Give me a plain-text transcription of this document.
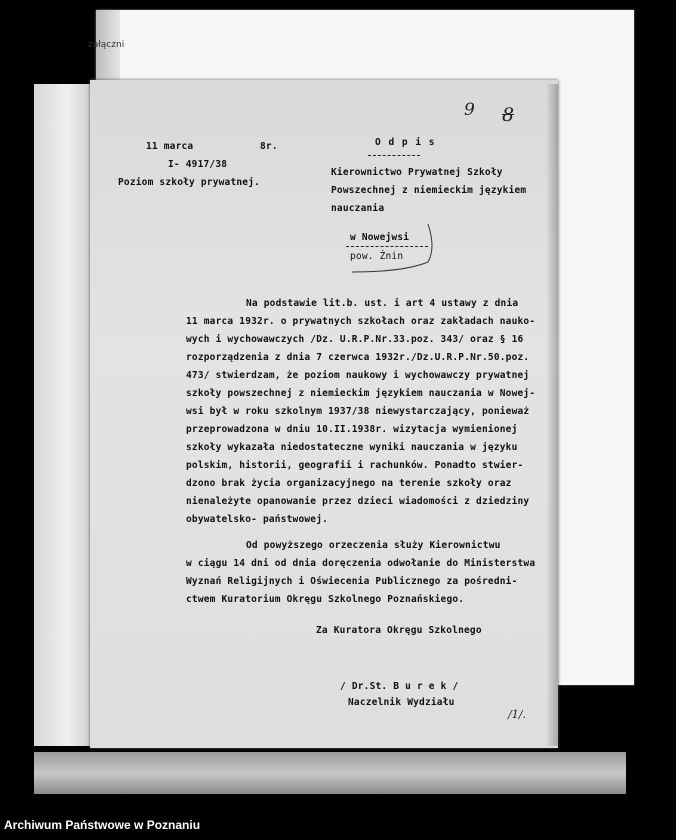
załączni
9 8
11 marca	8r.
I- 4917/38
Poziom szkoły prywatnej.
O d p i s
Kierownictwo Prywatnej Szkoły
Powszechnej z niemieckim językiem
nauczania
w Nowejwsi
pow. Żnin
Na podstawie lit.b. ust. i art 4 ustawy z dnia
11 marca 1932r. o prywatnych szkołach oraz zakładach nauko-
wych i wychowawczych /Dz. U.R.P.Nr.33.poz. 343/ oraz § 16
rozporządzenia z dnia 7 czerwca 1932r./Dz.U.R.P.Nr.50.poz.
473/ stwierdzam, że poziom naukowy i wychowawczy prywatnej
szkoły powszechnej z niemieckim językiem nauczania w Nowej-
wsi był w roku szkolnym 1937/38 niewystarczający, ponieważ
przeprowadzona w dniu 10.II.1938r. wizytacja wymienionej
szkoły wykazała niedostateczne wyniki nauczania w języku
polskim, historii, geografii i rachunków. Ponadto stwier-
dzono brak życia organizacyjnego na terenie szkoły oraz
nienależyte opanowanie przez dzieci wiadomości z dziedziny
obywatelsko- państwowej.
Od powyższego orzeczenia służy Kierownictwu
w ciągu 14 dni od dnia doręczenia odwołanie do Ministerstwa
Wyznań Religijnych i Oświecenia Publicznego za pośredni-
ctwem Kuratorium Okręgu Szkolnego Poznańskiego.
Za Kuratora Okręgu Szkolnego
/ Dr.St. B u r e k /
Naczelnik Wydziału
/1/.
Archiwum Państwowe w Poznaniu
